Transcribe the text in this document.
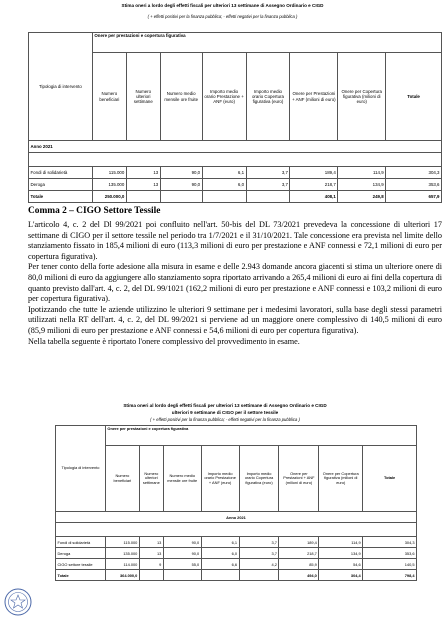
Stima oneri a lordo degli effetti fiscali per ulteriori 13 settimane di Assegno Ordinario e CIGD
( + effetti positivi per la finanza pubblica; - effetti negativi per la finanza pubblica )
Tipologia di intervento	Onere per prestazioni e copertura figurativa							
	Numero beneficiari	Numero ulteriori settimane	Numero medio mensile ore fruite	Importo medio orario Prestazione + ANF (euro)	Importo medio orario Copertura figurativa (euro)	Onere per Prestazioni + ANF (milioni di euro)	Onere per Copertura figurativa (milioni di euro)	Totale
Anno 2021								

Fondi di solidarietà	115.000	13	90,0	6,1	3,7	189,4	114,9	304,3
Deroga	135.000	13	90,0	6,0	3,7	218,7	134,9	353,6
Totale	250.000,0					408,1	249,8	657,9
Comma 2 – CIGO Settore Tessile

L'articolo 4, c. 2 del Dl 99/2021 poi confluito nell'art. 50-bis del DL 73/2021 prevedeva la concessione di ulteriori 17 settimane di CIGO per il settore tessile nel periodo tra 1/7/2021 e il 31/10/2021. Tale concessione era prevista nel limite dello stanziamento fissato in 185,4 milioni di euro (113,3 milioni di euro per prestazione e ANF connessi e 72,1 milioni di euro per copertura figurativa).

Per tener conto della forte adesione alla misura in esame e delle 2.943 domande ancora giacenti si stima un ulteriore onere di 80,0 milioni di euro da aggiungere allo stanziamento sopra riportato arrivando a 265,4 milioni di euro ai fini della copertura di quanto previsto dall'art. 4, c. 2, del DL 99/1021 (162,2 milioni di euro per prestazione e ANF connessi e 103,2 milioni di euro per copertura figurativa).

Ipotizzando che tutte le aziende utilizzino le ulteriori 9 settimane per i medesimi lavoratori, sulla base degli stessi parametri utilizzati nella RT dell'art. 4, c. 2, del DL 99/2021 si perviene ad un maggiore onere complessivo di 140,5 milioni di euro (85,9 milioni di euro per prestazione e ANF connessi e 54,6 milioni di euro per copertura figurativa).

Nella tabella seguente è riportato l'onere complessivo del provvedimento in esame.

Stima oneri al lordo degli effetti fiscali per ulteriori 13 settimane di Assegno Ordinario e CIGD
ulteriori 9 settimane di CIGO per il settore tessile
( + effetti positivi per la finanza pubblica; - effetti negativi per la finanza pubblica )
Tipologia di intervento	Onere per prestazioni e copertura figurativa							
	Numero beneficiari	Numero ulteriori settimane	Numero medio mensile ore fruite	Importo medio orario Prestazione + ANF (euro)	Importo medio orario Copertura figurativa (euro)	Onere per Prestazioni + ANF (milioni di euro)	Onere per Copertura figurativa (milioni di euro)	Totale
Anno 2021								

Fondi di solidarietà	115.000	13	90,0	6,1	3,7	189,4	114,9	304,3
Deroga	135.000	13	90,0	6,0	3,7	218,7	134,9	353,6
CIGO settore tessile	114.000	9	55,0	6,6	4,2	85,9	54,6	140,5
Totale	364.000,0					494,0	304,4	798,4
